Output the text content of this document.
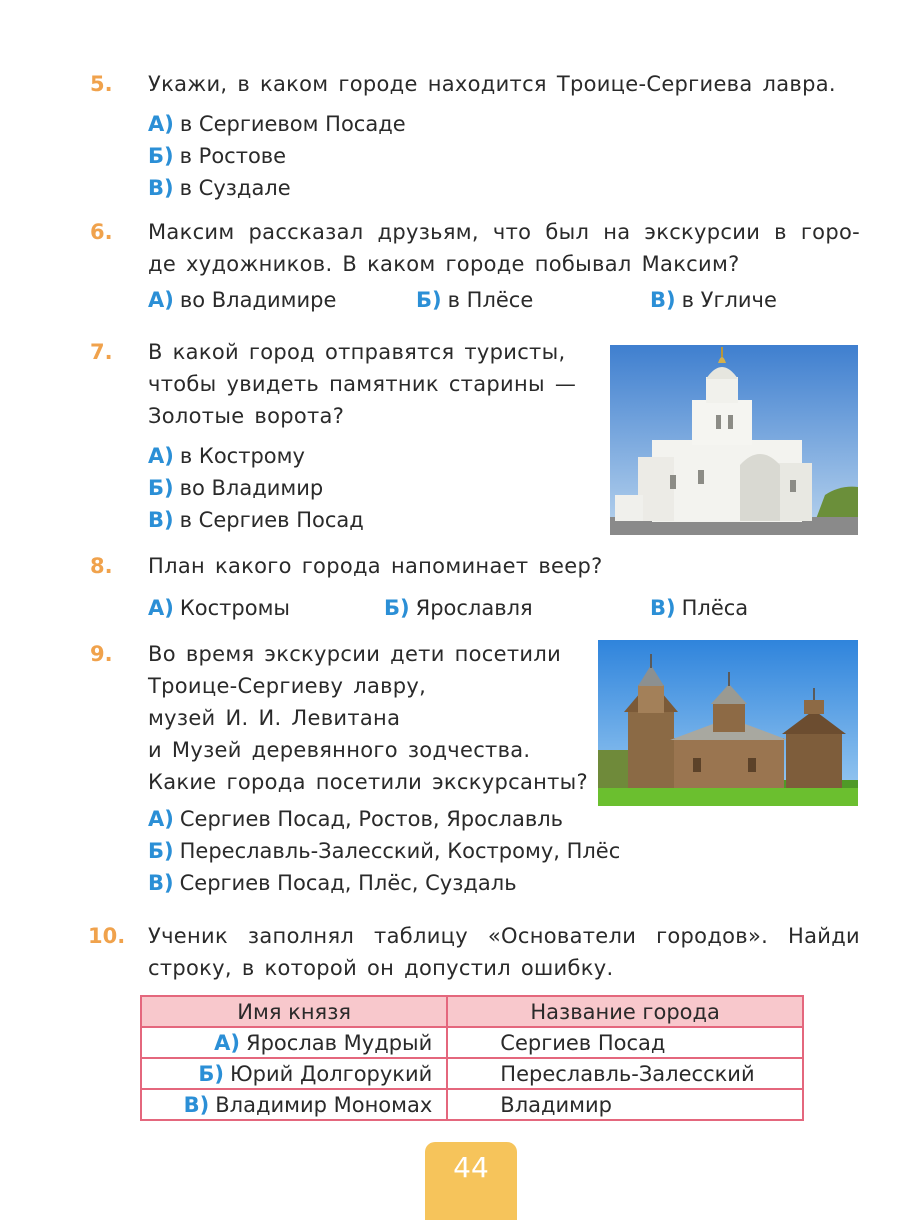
5.	Укажи, в каком городе находится Троице-Сергиева лавра.
А) в Сергиевом Посаде
Б) в Ростове
В) в Суздале
6.	Максим рассказал друзьям, что был на экскурсии в горо-
де художников. В каком городе побывал Максим?
А) во Владимире	Б) в Плёсе	В) в Угличе
7.	В какой город отправятся туристы,
чтобы увидеть памятник старины —
Золотые ворота?
А) в Кострому
Б) во Владимир
В) в Сергиев Посад
8.	План какого города напоминает веер?
А) Костромы	Б) Ярославля	В) Плёса
9.	Во время экскурсии дети посетили
Троице-Сергиеву лавру,
музей И. И. Левитана
и Музей деревянного зодчества.
Какие города посетили экскурсанты?
А) Сергиев Посад, Ростов, Ярославль
Б) Переславль-Залесский, Кострому, Плёс
В) Сергиев Посад, Плёс, Суздаль
10.	Ученик заполнял таблицу «Основатели городов». Найди
строку, в которой он допустил ошибку.
Имя князя	Название города
А) Ярослав Мудрый	Сергиев Посад
Б) Юрий Долгорукий	Переславль-Залесский
В) Владимир Мономах	Владимир
44
